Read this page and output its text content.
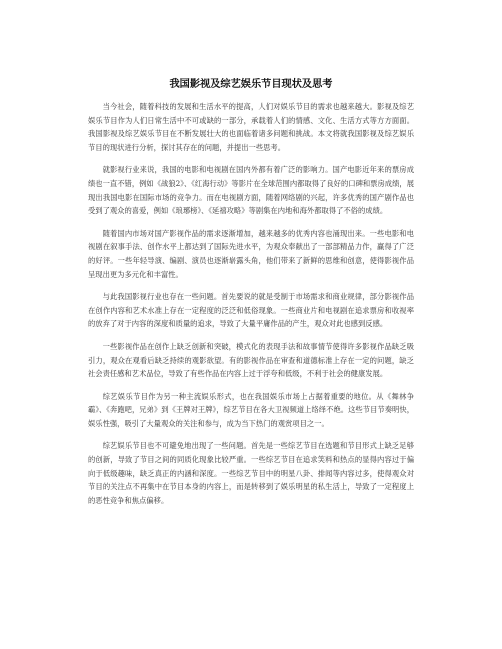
我国影视及综艺娱乐节目现状及思考

当今社会，随着科技的发展和生活水平的提高，人们对娱乐节目的需求也越来越大。影视及综艺娱乐节目作为人们日常生活中不可或缺的一部分，承载着人们的情感、文化、生活方式等方方面面。我国影视及综艺娱乐节目在不断发展壮大的也面临着诸多问题和挑战。本文将就我国影视及综艺娱乐节目的现状进行分析，探讨其存在的问题，并提出一些思考。

就影视行业来说，我国的电影和电视剧在国内外都有着广泛的影响力。国产电影近年来的票房成绩也一直不错，例如《战狼2》、《红海行动》等影片在全球范围内都取得了良好的口碑和票房成绩，展现出我国电影在国际市场的竞争力。而在电视剧方面，随着网络剧的兴起，许多优秀的国产剧作品也受到了观众的喜爱，例如《琅琊榜》、《延禧攻略》等剧集在内地和海外都取得了不俗的成绩。

随着国内市场对国产影视作品的需求逐渐增加，越来越多的优秀内容也涌现出来。一些电影和电视剧在叙事手法、创作水平上都达到了国际先进水平，为观众奉献出了一部部精品力作，赢得了广泛的好评。一些年轻导演、编剧、演员也逐渐崭露头角，他们带来了新鲜的思维和创意，使得影视作品呈现出更为多元化和丰富性。

与此我国影视行业也存在一些问题。首先要说的就是受制于市场需求和商业规律，部分影视作品在创作内容和艺术水准上存在一定程度的泛泛和低俗现象。一些商业片和电视剧在追求票房和收视率的放弃了对于内容的深度和质量的追求，导致了大量平庸作品的产生，观众对此也感到反感。

一些影视作品在创作上缺乏创新和突破，模式化的表现手法和故事情节使得许多影视作品缺乏吸引力，观众在观看后缺乏持续的观影欲望。有的影视作品在审查和道德标准上存在一定的问题，缺乏社会责任感和艺术品位，导致了有些作品在内容上过于浮夸和低级，不利于社会的健康发展。

综艺娱乐节目作为另一种主流娱乐形式，也在我国娱乐市场上占据着重要的地位。从《舞林争霸》、《奔跑吧，兄弟》到《王牌对王牌》，综艺节目在各大卫视频道上络绎不绝。这些节目节奏明快，娱乐性强，吸引了大量观众的关注和参与，成为当下热门的观赏项目之一。

综艺娱乐节目也不可避免地出现了一些问题。首先是一些综艺节目在选题和节目形式上缺乏足够的创新，导致了节目之间的同质化现象比较严重。一些综艺节目在追求笑料和热点的显得内容过于偏向于低级趣味，缺乏真正的内涵和深度。一些综艺节目中的明星八卦、排闻等内容过多，使得观众对节目的关注点不再集中在节目本身的内容上，而是转移到了娱乐明星的私生活上，导致了一定程度上的恶性竞争和焦点偏移。
